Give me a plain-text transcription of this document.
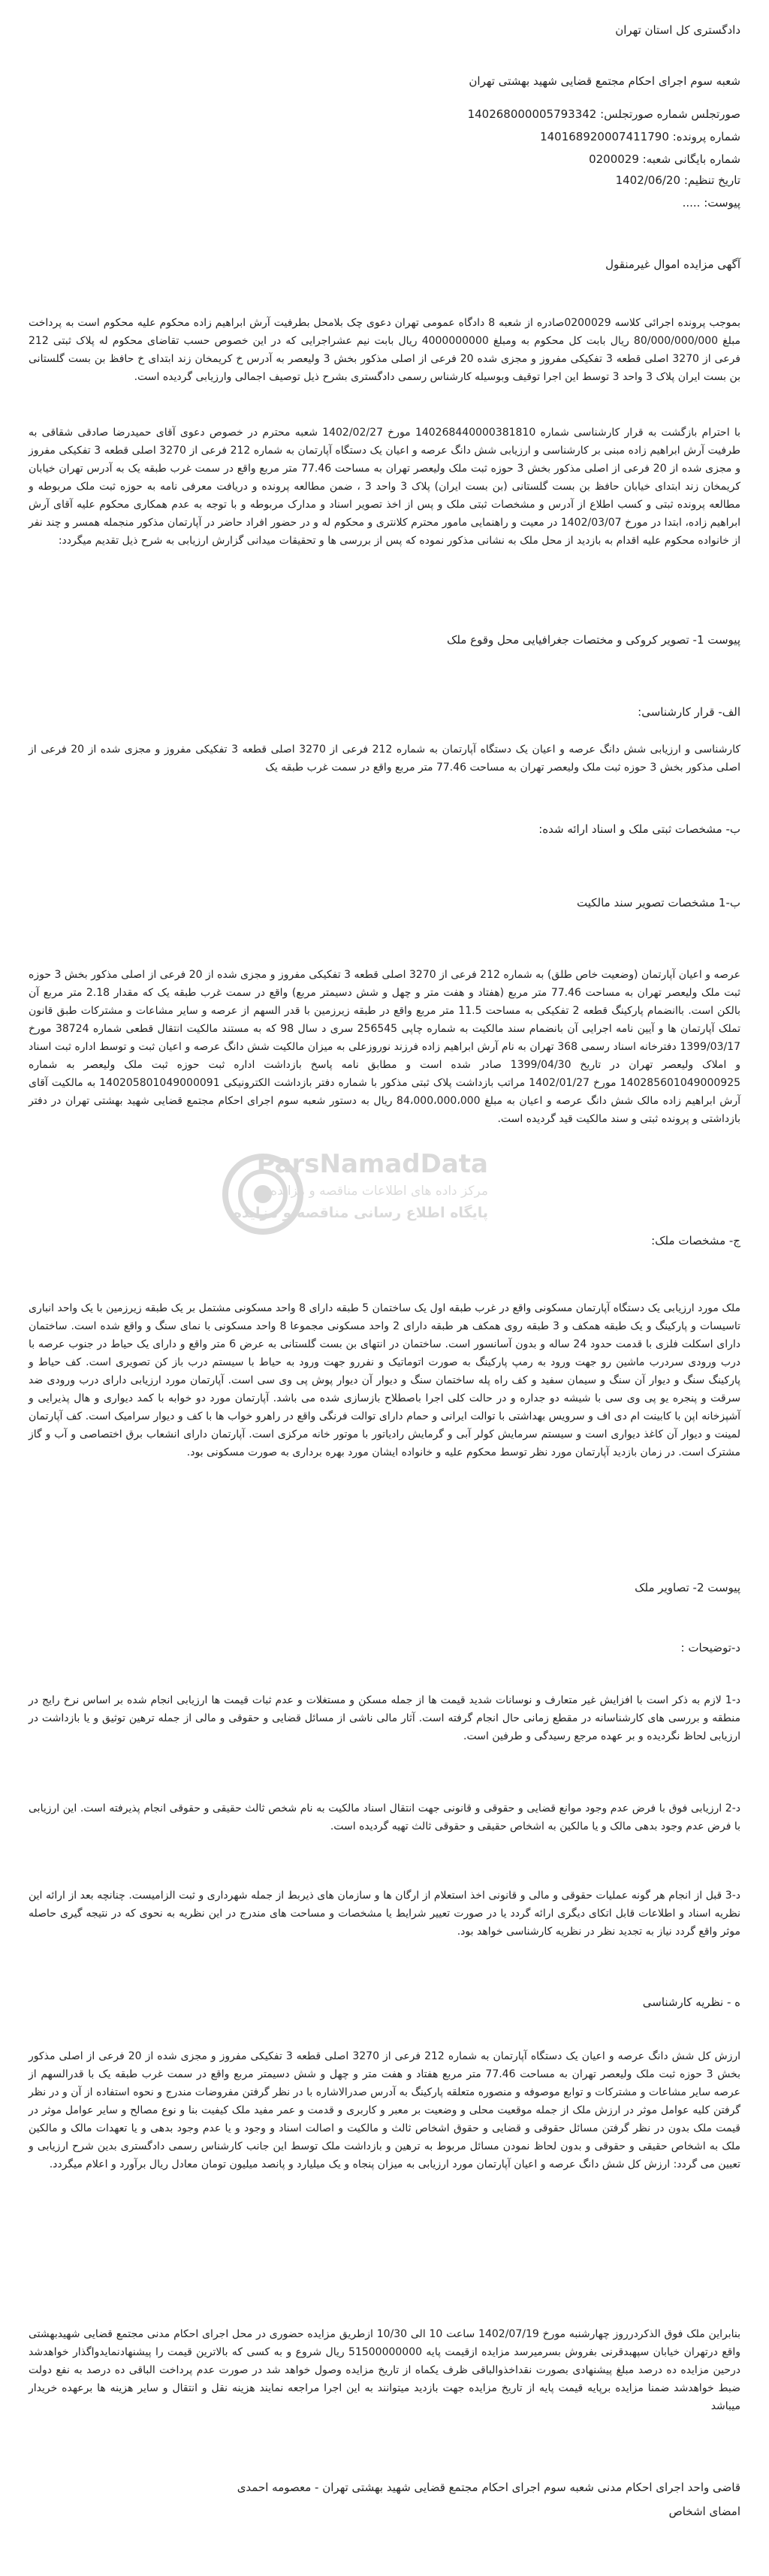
دادگستری کل استان تهران
شعبه سوم اجرای احکام مجتمع قضایی شهید بهشتی تهران
صورتجلس شماره صورتجلس: 140268000005793342
شماره پرونده: 140168920007411790
شماره بایگانی شعبه: 0200029
تاریخ تنظیم: 1402/06/20
پیوست: .....
آگهی مزایده اموال غیرمنقول
بموجب پرونده اجرائی کلاسه 0200029صادره از شعبه 8 دادگاه عمومی تهران دعوی چک بلامحل بطرفیت آرش ابراهیم زاده محکوم علیه محکوم است به پرداخت مبلغ 80/000/000/000 ریال بابت کل محکوم به ومبلغ 4000000000 ریال بابت نیم عشراجرایی که در این خصوص حسب تقاضای محکوم له پلاک ثبتی 212 فرعی از 3270 اصلی قطعه 3 تفکیکی مفروز و مجزی شده 20 فرعی از اصلی مذکور بخش 3 ولیعصر به آدرس خ کریمخان زند ابتدای خ حافظ بن بست گلستانی بن بست ایران پلاک 3 واحد 3 توسط این اجرا توقیف وبوسیله کارشناس رسمی دادگستری بشرح ذیل توصیف اجمالی وارزیابی گردیده است.
با احترام بازگشت به قرار کارشناسی شماره 140268440000381810 مورخ 1402/02/27 شعبه محترم در خصوص دعوی آقای حمیدرضا صادقی شقاقی به طرفیت آرش ابراهیم زاده مبنی بر کارشناسی و ارزیابی شش دانگ عرصه و اعیان یک دستگاه آپارتمان به شماره 212 فرعی از 3270 اصلی قطعه 3 تفکیکی مفروز و مجزی شده از 20 فرعی از اصلی مذکور بخش 3 حوزه ثبت ملک ولیعصر تهران به مساحت 77.46 متر مربع واقع در سمت غرب طبقه یک به آدرس تهران خیابان کریمخان زند ابتدای خیابان حافظ بن بست گلستانی (بن بست ایران) پلاک 3 واحد 3 ، ضمن مطالعه پرونده و دریافت معرفی نامه به حوزه ثبت ملک مربوطه و مطالعه پرونده ثبتی و کسب اطلاع از آدرس و مشخصات ثبتی ملک و پس از اخذ تصویر اسناد و مدارک مربوطه و با توجه به عدم همکاری محکوم علیه آقای آرش ابراهیم زاده، ابتدا در مورخ 1402/03/07 در معیت و راهنمایی مامور محترم کلانتری و محکوم له و در حضور افراد حاضر در آپارتمان مذکور منجمله همسر و چند نفر از خانواده محکوم علیه اقدام به بازدید از محل ملک به نشانی مذکور نموده که پس از بررسی ها و تحقیقات میدانی گزارش ارزیابی به شرح ذیل تقدیم میگردد:
پیوست 1- تصویر کروکی و مختصات جغرافیایی محل وقوع ملک
الف- قرار کارشناسی:
کارشناسی و ارزیابی شش دانگ عرصه و اعیان یک دستگاه آپارتمان به شماره 212 فرعی از 3270 اصلی قطعه 3 تفکیکی مفروز و مجزی شده از 20 فرعی از اصلی مذکور بخش 3 حوزه ثبت ملک ولیعصر تهران به مساحت 77.46 متر مربع واقع در سمت غرب طبقه یک
ب- مشخصات ثبتی ملک و اسناد ارائه شده:
ب-1 مشخصات تصویر سند مالکیت
عرصه و اعیان آپارتمان (وضعیت خاص طلق) به شماره 212 فرعی از 3270 اصلی قطعه 3 تفکیکی مفروز و مجزی شده از 20 فرعی از اصلی مذکور بخش 3 حوزه ثبت ملک ولیعصر تهران به مساحت 77.46 متر مربع (هفتاد و هفت متر و چهل و شش دسیمتر مربع) واقع در سمت غرب طبقه یک که مقدار 2.18 متر مربع آن بالکن است. باانضمام پارکینگ قطعه 2 تفکیکی به مساحت 11.5 متر مربع واقع در طبقه زیرزمین با قدر السهم از عرصه و سایر مشاعات و مشترکات طبق قانون تملک آپارتمان ها و آیین نامه اجرایی آن بانضمام سند مالکیت به شماره چاپی 256545 سری د سال 98 که به مستند مالکیت انتقال قطعی شماره 38724 مورخ 1399/03/17 دفترخانه اسناد رسمی 368 تهران به نام آرش ابراهیم زاده فرزند نوروزعلی به میزان مالکیت شش دانگ عرصه و اعیان ثبت و توسط اداره ثبت اسناد و املاک ولیعصر تهران در تاریخ 1399/04/30 صادر شده است و مطابق نامه پاسخ بازداشت اداره ثبت حوزه ثبت ملک ولیعصر به شماره 140285601049000925 مورخ 1402/01/27 مراتب بازداشت پلاک ثبتی مذکور با شماره دفتر بازداشت الکترونیکی 140205801049000091 به مالکیت آقای آرش ابراهیم زاده مالک شش دانگ عرصه و اعیان به مبلغ 84،000،000،000 ریال به دستور شعبه سوم اجرای احکام مجتمع قضایی شهید بهشتی تهران در دفتر بازداشتی و پرونده ثبتی و سند مالکیت قید گردیده است.
ج- مشخصات ملک:
ملک مورد ارزیابی یک دستگاه آپارتمان مسکونی واقع در غرب طبقه اول یک ساختمان 5 طبقه دارای 8 واحد مسکونی مشتمل بر یک طبقه زیرزمین با یک واحد انباری تاسیسات و پارکینگ و یک طبقه همکف و 3 طبقه روی همکف هر طبقه دارای 2 واحد مسکونی مجموعا 8 واحد مسکونی با نمای سنگ و واقع شده است. ساختمان دارای اسکلت فلزی با قدمت حدود 24 ساله و بدون آسانسور است. ساختمان در انتهای بن بست گلستانی به عرض 6 متر واقع و دارای یک حیاط در جنوب عرصه با درب ورودی سردرب ماشین رو جهت ورود به رمپ پارکینگ به صورت اتوماتیک و نفررو جهت ورود به حیاط با سیستم درب باز کن تصویری است. کف حیاط و پارکینگ سنگ و دیوار آن سنگ و سیمان سفید و کف راه پله ساختمان سنگ و دیوار آن دیوار پوش پی وی سی است. آپارتمان مورد ارزیابی دارای درب ورودی ضد سرقت و پنجره یو پی وی سی با شیشه دو جداره و در حالت کلی اجرا باصطلاح بازسازی شده می باشد. آپارتمان مورد دو خوابه با کمد دیواری و هال پذیرایی و آشپزخانه اپن با کابینت ام دی اف و سرویس بهداشتی با توالت ایرانی و حمام دارای توالت فرنگی واقع در راهرو خواب ها با کف و دیوار سرامیک است. کف آپارتمان لمینت و دیوار آن کاغذ دیواری است و سیستم سرمایش کولر آبی و گرمایش رادیاتور با موتور خانه مرکزی است. آپارتمان دارای انشعاب برق اختصاصی و آب و گاز مشترک است. در زمان بازدید آپارتمان مورد نظر توسط محکوم علیه و خانواده ایشان مورد بهره برداری به صورت مسکونی بود.
پیوست 2- تصاویر ملک
د-توضیحات :
د-1 لازم به ذکر است با افزایش غیر متعارف و نوسانات شدید قیمت ها از جمله مسکن و مستغلات و عدم ثبات قیمت ها ارزیابی انجام شده بر اساس نرخ رایج در منطقه و بررسی های کارشناسانه در مقطع زمانی حال انجام گرفته است. آثار مالی ناشی از مسائل قضایی و حقوقی و مالی از جمله ترهین توثیق و یا بازداشت در ارزیابی لحاظ نگردیده و بر عهده مرجع رسیدگی و طرفین است.
د-2 ارزیابی فوق با فرض عدم وجود موانع قضایی و حقوقی و قانونی جهت انتقال اسناد مالکیت به نام شخص ثالث حقیقی و حقوقی انجام پذیرفته است. این ارزیابی با فرض عدم وجود بدهی مالک و یا مالکین به اشخاص حقیقی و حقوقی ثالث تهیه گردیده است.
د-3 قبل از انجام هر گونه عملیات حقوقی و مالی و قانونی اخذ استعلام از ارگان ها و سازمان های ذیربط از جمله شهرداری و ثبت الزامیست. چنانچه بعد از ارائه این نظریه اسناد و اطلاعات قابل اتکای دیگری ارائه گردد یا در صورت تعییر شرایط یا مشخصات و مساحت های مندرج در این نظریه به نحوی که در نتیجه گیری حاصله موثر واقع گردد نیاز به تجدید نظر در نظریه کارشناسی خواهد بود.
ه - نظریه کارشناسی
ارزش کل شش دانگ عرصه و اعیان یک دستگاه آپارتمان به شماره 212 فرعی از 3270 اصلی قطعه 3 تفکیکی مفروز و مجزی شده از 20 فرعی از اصلی مذکور بخش 3 حوزه ثبت ملک ولیعصر تهران به مساحت 77.46 متر مربع هفتاد و هفت متر و چهل و شش دسیمتر مربع واقع در سمت غرب طبقه یک با قدرالسهم از عرصه سایر مشاعات و مشترکات و توابع موصوفه و منصوره متعلقه پارکینگ به آدرس صدرالاشاره با در نظر گرفتن مفروضات مندرج و نحوه استفاده از آن و در نظر گرفتن کلیه عوامل موثر در ارزش ملک از جمله موقعیت محلی و وضعیت بر معبر و کاربری و قدمت و عمر مفید ملک کیفیت بنا و نوع مصالح و سایر عوامل موثر در قیمت ملک بدون در نظر گرفتن مسائل حقوقی و قضایی و حقوق اشخاص ثالث و مالکیت و اصالت اسناد و وجود و یا عدم وجود بدهی و یا تعهدات مالک و مالکین ملک به اشخاص حقیقی و حقوقی و بدون لحاظ نمودن مسائل مربوط به ترهین و بازداشت ملک توسط این جانب کارشناس رسمی دادگستری بدین شرح ارزیابی و تعیین می گردد: ارزش کل شش دانگ عرصه و اعیان آپارتمان مورد ارزیابی به میزان پنجاه و یک میلیارد و پانصد میلیون تومان معادل ریال برآورد و اعلام میگردد.
بنابراین ملک فوق الذکردرروز چهارشنبه مورخ 1402/07/19 ساعت 10 الی 10/30 ازطریق مزایده حضوری در محل اجرای احکام مدنی مجتمع قضایی شهیدبهشتی واقع درتهران خیابان سپهبدقرنی بفروش بسرمیرسد مزایده ازقیمت پایه 51500000000 ریال شروع و به کسی که بالاترین قیمت را پیشنهادنمایدواگذار خواهدشد درحین مزایده ده درصد مبلغ پیشنهادی بصورت نقداخذوالباقی ظرف یکماه از تاریخ مزایده وصول خواهد شد در صورت عدم پرداخت الباقی ده درصد به نفع دولت ضبط خواهدشد ضمنا مزایده برپایه قیمت پایه از تاریخ مزایده جهت بازدید میتوانند به این اجرا مراجعه نمایند هزینه نقل و انتقال و سایر هزینه ها برعهده خریدار میباشد
قاضی واحد اجرای احکام مدنی شعبه سوم اجرای احکام مجتمع قضایی شهید بهشتی تهران - معصومه احمدی
امضای اشخاص
ParsNamadData
مرکز داده های اطلاعات مناقصه و مزایده
پایگاه اطلاع رسانی مناقصه و مزایده
